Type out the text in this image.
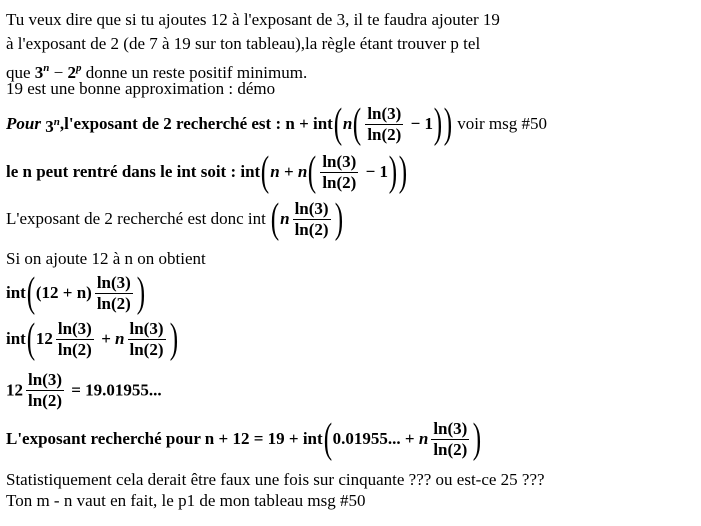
Tu veux dire que si tu ajoutes 12 à l'exposant de 3, il te faudra ajouter 19
à l'exposant de 2 (de 7 à 19 sur ton tableau),la règle étant trouver p tel
que $3^n - 2^p$ donne un reste positif minimum.
19 est une bonne approximation : démo
Pour 3$^n$,l'exposant de 2 recherché est : $n + int(n( \frac{\ln(3)}{\ln(2)} - 1))$ voir msg #50
le n peut rentré dans le int soit : $int(n + n( \frac{\ln(3)}{\ln(2)} - 1))$
L'exposant de 2 recherché est donc int ($n \frac{\ln(3)}{\ln(2)}$ )
Si on ajoute 12 à n on obtient
$int((12 + n) \frac{\ln(3)}{\ln(2)}$ )
$int(12 \frac{\ln(3)}{\ln(2)} + n \frac{\ln(3)}{\ln(2)}$ )
$12 \frac{\ln(3)}{\ln(2)} = 19.01955$...
L'exposant recherché pour n + 12 = 19 + int(0.01955... + n $\frac{\ln(3)}{\ln(2)}$ )
Statistiquement cela derait être faux une fois sur cinquante ??? ou est-ce 25 ???
Ton m - n vaut en fait, le p1 de mon tableau msg #50
